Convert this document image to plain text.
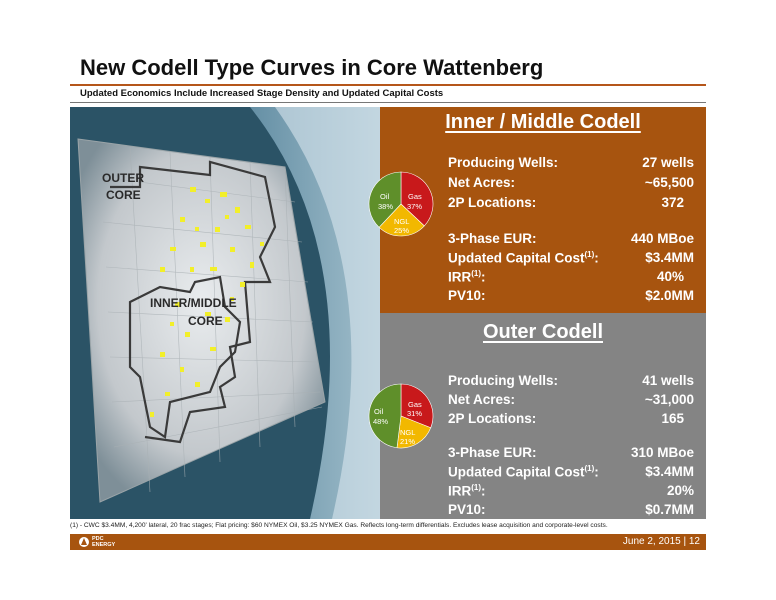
New Codell Type Curves in Core Wattenberg
Updated Economics Include Increased Stage Density and Updated Capital Costs
OUTER
CORE
INNER/MIDDLE
CORE
Inner / Middle Codell
Oil
38%
Gas
37%
NGL
25%
Producing Wells:	27 wells
Net Acres:	~65,500
2P Locations:	372
3-Phase EUR:	440 MBoe
Updated Capital Cost$^{(1)}$:	$3.4MM
IRR$^{(1)}$:	40%
PV10:	$2.0MM
Outer Codell
Oil
48%
Gas
31%
NGL
21%
Producing Wells:	41 wells
Net Acres:	~31,000
2P Locations:	165
3-Phase EUR:	310 MBoe
Updated Capital Cost$^{(1)}$:	$3.4MM
IRR$^{(1)}$:	20%
PV10:	$0.7MM
(1) - CWC $3.4MM, 4,200' lateral, 20 frac stages; Flat pricing: $60 NYMEX Oil, $3.25 NYMEX Gas. Reflects long-term differentials. Excludes lease acquisition and corporate-level costs.
PDC
ENERGY	June 2, 2015 | 12
